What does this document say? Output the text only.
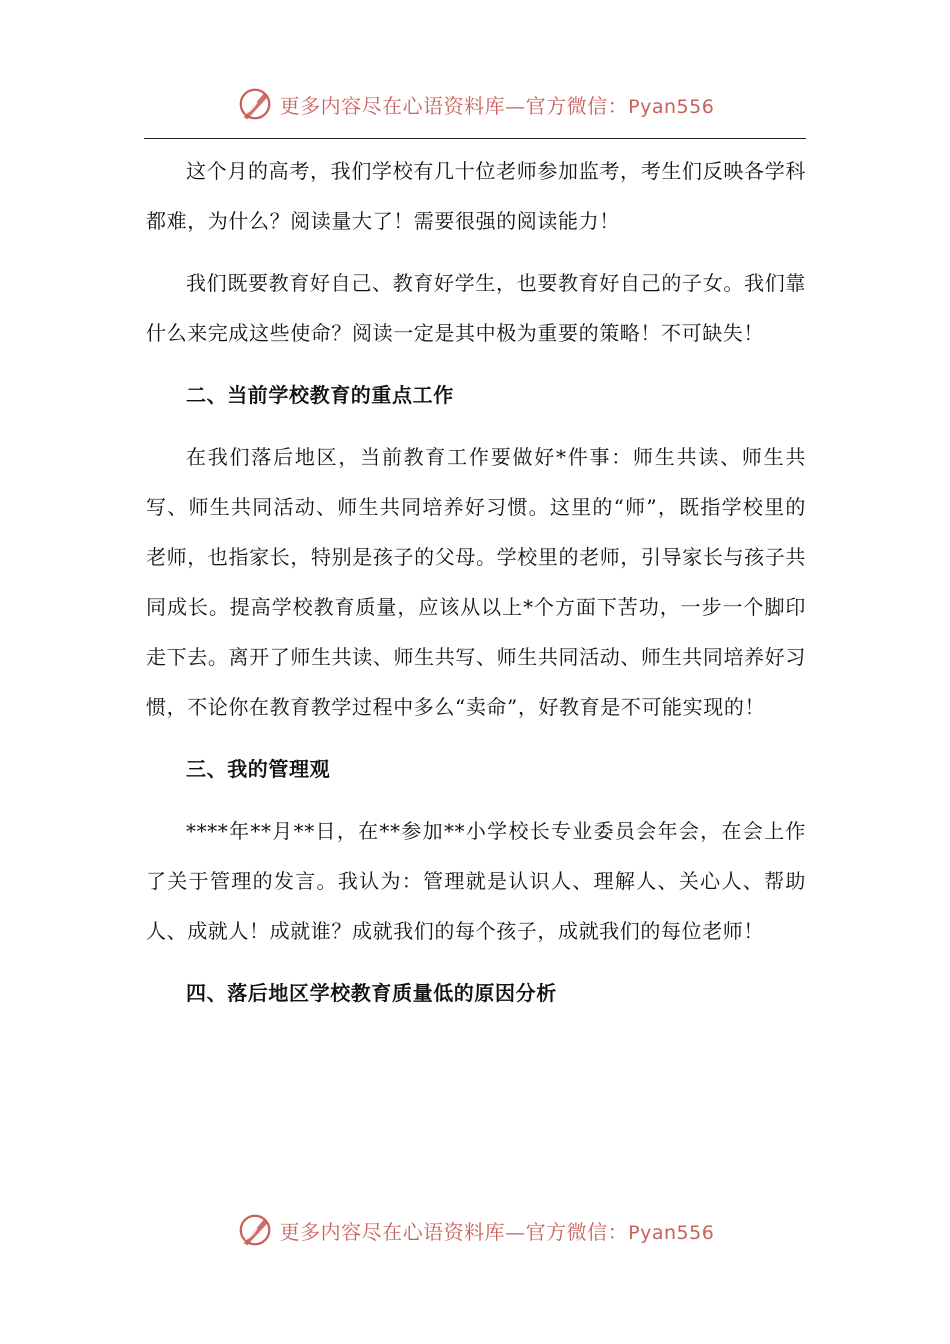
更多内容尽在心语资料库—官方微信：Pyan556

这个月的高考，我们学校有几十位老师参加监考，考生们反映各学科都难，为什么？阅读量大了！需要很强的阅读能力！

我们既要教育好自己、教育好学生，也要教育好自己的子女。我们靠什么来完成这些使命？阅读一定是其中极为重要的策略！不可缺失！

二、当前学校教育的重点工作

在我们落后地区，当前教育工作要做好*件事：师生共读、师生共写、师生共同活动、师生共同培养好习惯。这里的“师”，既指学校里的老师，也指家长，特别是孩子的父母。学校里的老师，引导家长与孩子共同成长。提高学校教育质量，应该从以上*个方面下苦功，一步一个脚印走下去。离开了师生共读、师生共写、师生共同活动、师生共同培养好习惯，不论你在教育教学过程中多么“卖命”，好教育是不可能实现的！

三、我的管理观

****年**月**日，在**参加**小学校长专业委员会年会，在会上作了关于管理的发言。我认为：管理就是认识人、理解人、关心人、帮助人、成就人！成就谁？成就我们的每个孩子，成就我们的每位老师！

四、落后地区学校教育质量低的原因分析
更多内容尽在心语资料库—官方微信：Pyan556
